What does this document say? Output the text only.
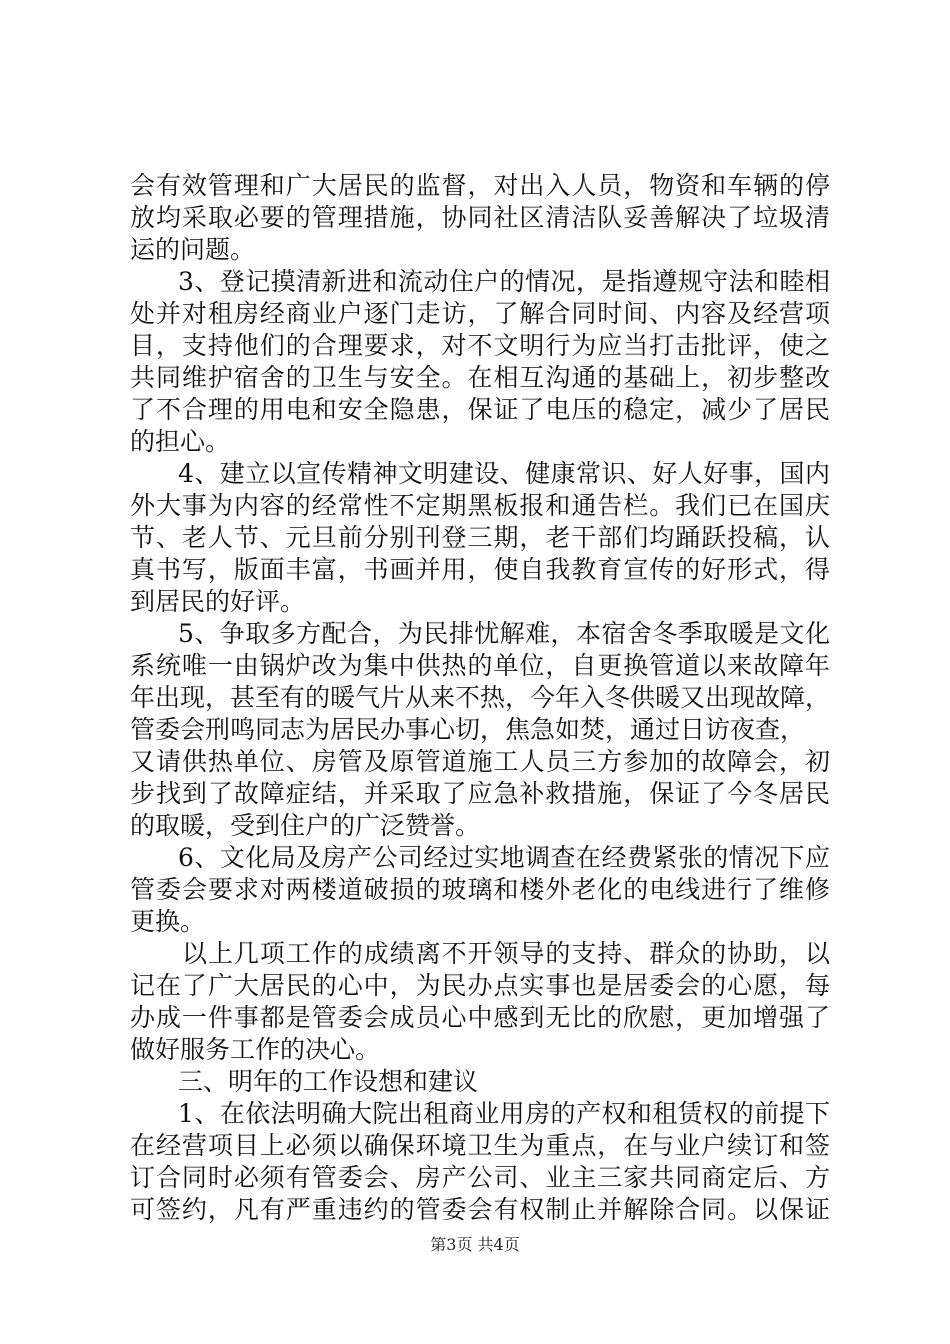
会有效管理和广大居民的监督，对出入人员，物资和车辆的停
放均采取必要的管理措施，协同社区清洁队妥善解决了垃圾清
运的问题。
3、登记摸清新进和流动住户的情况，是指遵规守法和睦相
处并对租房经商业户逐门走访，了解合同时间、内容及经营项
目，支持他们的合理要求，对不文明行为应当打击批评，使之
共同维护宿舍的卫生与安全。在相互沟通的基础上，初步整改
了不合理的用电和安全隐患，保证了电压的稳定，减少了居民
的担心。
4、建立以宣传精神文明建设、健康常识、好人好事，国内
外大事为内容的经常性不定期黑板报和通告栏。我们已在国庆
节、老人节、元旦前分别刊登三期，老干部们均踊跃投稿，认
真书写，版面丰富，书画并用，使自我教育宣传的好形式，得
到居民的好评。
5、争取多方配合，为民排忧解难，本宿舍冬季取暖是文化
系统唯一由锅炉改为集中供热的单位，自更换管道以来故障年
年出现，甚至有的暖气片从来不热，今年入冬供暖又出现故障，
管委会刑鸣同志为居民办事心切，焦急如焚，通过日访夜查，
又请供热单位、房管及原管道施工人员三方参加的故障会，初
步找到了故障症结，并采取了应急补救措施，保证了今冬居民
的取暖，受到住户的广泛赞誉。
6、文化局及房产公司经过实地调查在经费紧张的情况下应
管委会要求对两楼道破损的玻璃和楼外老化的电线进行了维修
更换。
以上几项工作的成绩离不开领导的支持、群众的协助，以
记在了广大居民的心中，为民办点实事也是居委会的心愿，每
办成一件事都是管委会成员心中感到无比的欣慰，更加增强了
做好服务工作的决心。
三、明年的工作设想和建议
1、在依法明确大院出租商业用房的产权和租赁权的前提下
在经营项目上必须以确保环境卫生为重点，在与业户续订和签
订合同时必须有管委会、房产公司、业主三家共同商定后、方
可签约，凡有严重违约的管委会有权制止并解除合同。以保证
第3页 共4页
